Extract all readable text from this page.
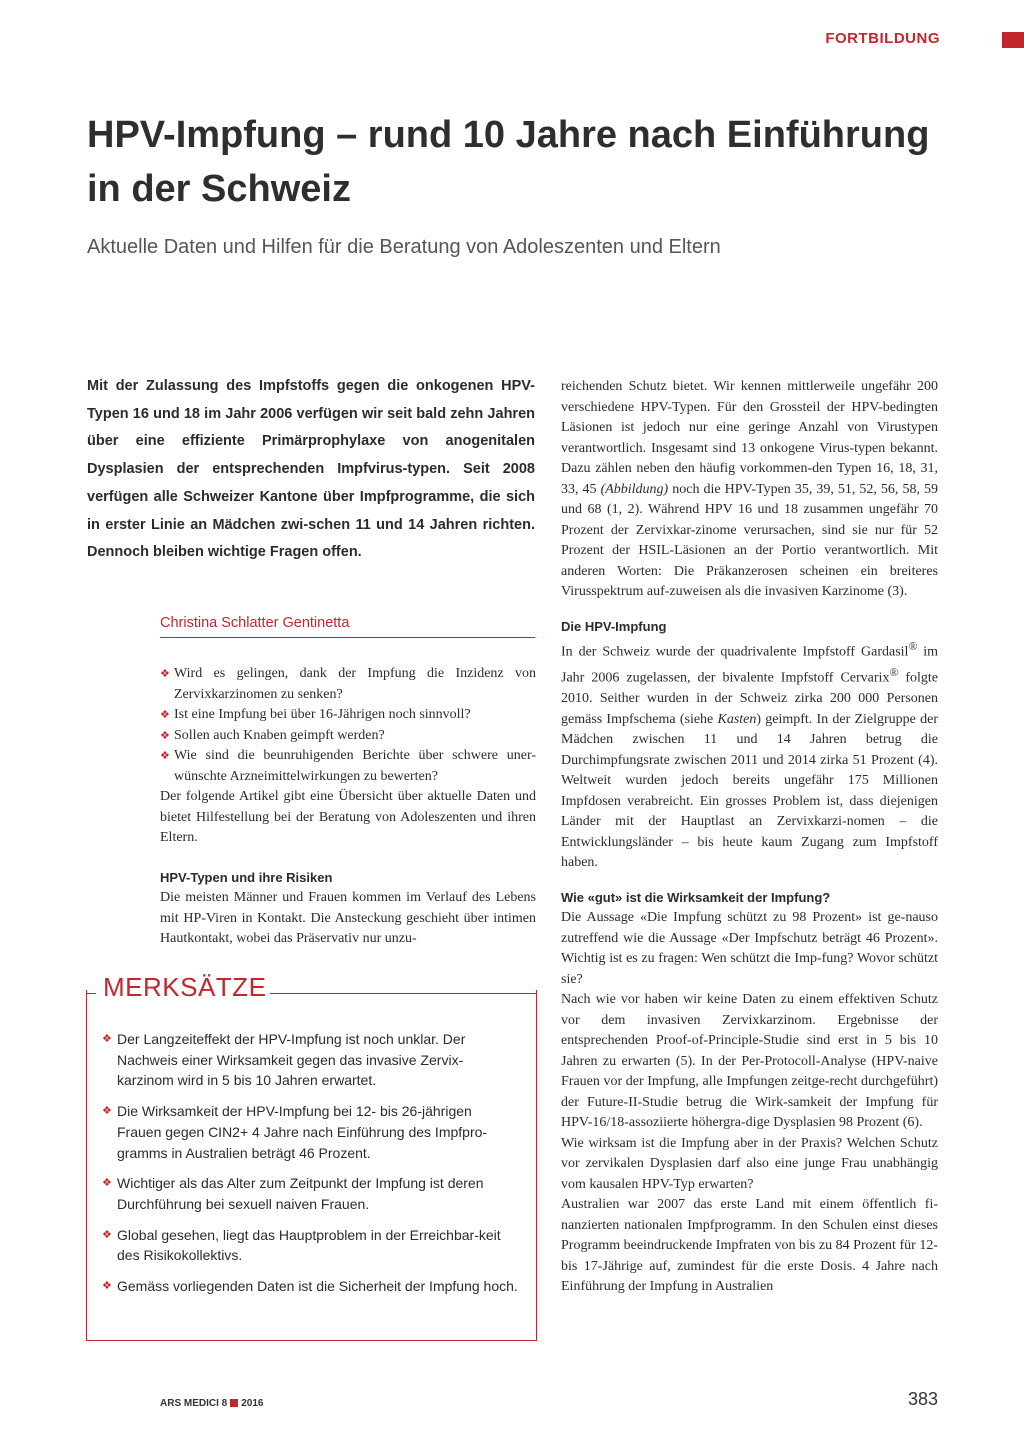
FORTBILDUNG
HPV-Impfung – rund 10 Jahre nach Einführung in der Schweiz
Aktuelle Daten und Hilfen für die Beratung von Adoleszenten und Eltern

Mit der Zulassung des Impfstoffs gegen die onkogenen HPV-Typen 16 und 18 im Jahr 2006 verfügen wir seit bald zehn Jahren über eine effiziente Primärprophylaxe von anogenitalen Dysplasien der entsprechenden Impfvirus-typen. Seit 2008 verfügen alle Schweizer Kantone über Impfprogramme, die sich in erster Linie an Mädchen zwi-schen 11 und 14 Jahren richten. Dennoch bleiben wichtige Fragen offen.

Christina Schlatter Gentinetta
❖ Wird es gelingen, dank der Impfung die Inzidenz von Zervixkarzinomen zu senken?
❖ Ist eine Impfung bei über 16-Jährigen noch sinnvoll?
❖ Sollen auch Knaben geimpft werden?
❖ Wie sind die beunruhigenden Berichte über schwere uner-wünschte Arzneimittelwirkungen zu bewerten?

Der folgende Artikel gibt eine Übersicht über aktuelle Daten und bietet Hilfestellung bei der Beratung von Adoleszenten und ihren Eltern.

HPV-Typen und ihre Risiken

Die meisten Männer und Frauen kommen im Verlauf des Lebens mit HP-Viren in Kontakt. Die Ansteckung geschieht über intimen Hautkontakt, wobei das Präservativ nur unzu-

MERKSÄTZE
❖ Der Langzeiteffekt der HPV-Impfung ist noch unklar. Der Nachweis einer Wirksamkeit gegen das invasive Zervix-karzinom wird in 5 bis 10 Jahren erwartet.
❖ Die Wirksamkeit der HPV-Impfung bei 12- bis 26-jährigen Frauen gegen CIN2+ 4 Jahre nach Einführung des Impfpro-gramms in Australien beträgt 46 Prozent.
❖ Wichtiger als das Alter zum Zeitpunkt der Impfung ist deren Durchführung bei sexuell naiven Frauen.
❖ Global gesehen, liegt das Hauptproblem in der Erreichbar-keit des Risikokollektivs.
❖ Gemäss vorliegenden Daten ist die Sicherheit der Impfung hoch.

reichenden Schutz bietet. Wir kennen mittlerweile ungefähr 200 verschiedene HPV-Typen. Für den Grossteil der HPV-bedingten Läsionen ist jedoch nur eine geringe Anzahl von Virustypen verantwortlich. Insgesamt sind 13 onkogene Virus-typen bekannt. Dazu zählen neben den häufig vorkommen-den Typen 16, 18, 31, 33, 45 (Abbildung) noch die HPV-Typen 35, 39, 51, 52, 56, 58, 59 und 68 (1, 2). Während HPV 16 und 18 zusammen ungefähr 70 Prozent der Zervixkar-zinome verursachen, sind sie nur für 52 Prozent der HSIL-Läsionen an der Portio verantwortlich. Mit anderen Worten: Die Präkanzerosen scheinen ein breiteres Virusspektrum auf-zuweisen als die invasiven Karzinome (3).

Die HPV-Impfung

In der Schweiz wurde der quadrivalente Impfstoff Gardasil® im Jahr 2006 zugelassen, der bivalente Impfstoff Cervarix® folgte 2010. Seither wurden in der Schweiz zirka 200 000 Personen gemäss Impfschema (siehe Kasten) geimpft. In der Zielgruppe der Mädchen zwischen 11 und 14 Jahren betrug die Durchimpfungsrate zwischen 2011 und 2014 zirka 51 Prozent (4). Weltweit wurden jedoch bereits ungefähr 175 Millionen Impfdosen verabreicht. Ein grosses Problem ist, dass diejenigen Länder mit der Hauptlast an Zervixkarzi-nomen – die Entwicklungsländer – bis heute kaum Zugang zum Impfstoff haben.

Wie «gut» ist die Wirksamkeit der Impfung?

Die Aussage «Die Impfung schützt zu 98 Prozent» ist ge-nauso zutreffend wie die Aussage «Der Impfschutz beträgt 46 Prozent». Wichtig ist es zu fragen: Wen schützt die Imp-fung? Wovor schützt sie?

Nach wie vor haben wir keine Daten zu einem effektiven Schutz vor dem invasiven Zervixkarzinom. Ergebnisse der entsprechenden Proof-of-Principle-Studie sind erst in 5 bis 10 Jahren zu erwarten (5). In der Per-Protocoll-Analyse (HPV-naive Frauen vor der Impfung, alle Impfungen zeitge-recht durchgeführt) der Future-II-Studie betrug die Wirk-samkeit der Impfung für HPV-16/18-assoziierte höhergra-dige Dysplasien 98 Prozent (6).

Wie wirksam ist die Impfung aber in der Praxis? Welchen Schutz vor zervikalen Dysplasien darf also eine junge Frau unabhängig vom kausalen HPV-Typ erwarten?

Australien war 2007 das erste Land mit einem öffentlich fi-nanzierten nationalen Impfprogramm. In den Schulen einst dieses Programm beeindruckende Impfraten von bis zu 84 Prozent für 12- bis 17-Jährige auf, zumindest für die erste Dosis. 4 Jahre nach Einführung der Impfung in Australien

ARS MEDICI 8 2016	383
